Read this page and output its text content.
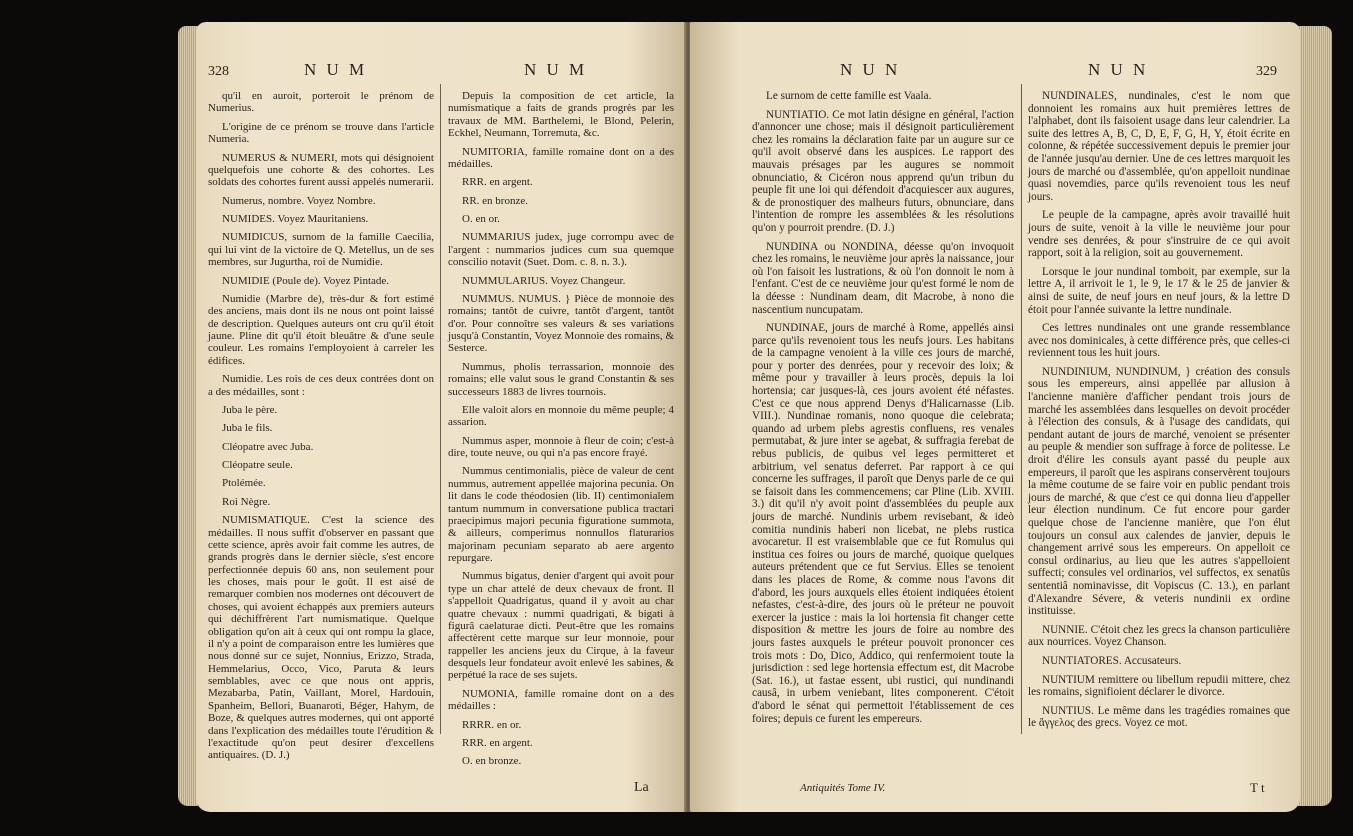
328	N U M	N U M

qu'il en auroit, porteroit le prénom de Numerius.

L'origine de ce prénom se trouve dans l'article Numeria.

NUMERUS & NUMERI, mots qui désignoient quelquefois une cohorte & des cohortes. Les soldats des cohortes furent aussi appelés numerarii.

Numerus, nombre. Voyez Nombre.

NUMIDES. Voyez Mauritaniens.

NUMIDICUS, surnom de la famille Caecilia, qui lui vint de la victoire de Q. Metellus, un de ses membres, sur Jugurtha, roi de Numidie.

NUMIDIE (Poule de). Voyez Pintade.

Numidie (Marbre de), très-dur & fort estimé des anciens, mais dont ils ne nous ont point laissé de description. Quelques auteurs ont cru qu'il étoit jaune. Pline dit qu'il étoit bleuâtre & d'une seule couleur. Les romains l'employoient à carreler les édifices.

Numidie. Les rois de ces deux contrées dont on a des médailles, sont :

Juba le père.

Juba le fils.

Cléopatre avec Juba.

Cléopatre seule.

Ptolémée.

Roi Nègre.

NUMISMATIQUE. C'est la science des médailles. Il nous suffit d'observer en passant que cette science, après avoir fait comme les autres, de grands progrès dans le dernier siècle, s'est encore perfectionnée depuis 60 ans, non seulement pour les choses, mais pour le goût. Il est aisé de remarquer combien nos modernes ont découvert de choses, qui avoient échappés aux premiers auteurs qui déchiffrèrent l'art numismatique. Quelque obligation qu'on ait à ceux qui ont rompu la glace, il n'y a point de comparaison entre les lumières que nous donné sur ce sujet, Nonnius, Erizzo, Strada, Hemmelarius, Occo, Vico, Paruta & leurs semblables, avec ce que nous ont appris, Mezabarba, Patin, Vaillant, Morel, Hardouin, Spanheim, Bellori, Buanaroti, Béger, Hahym, de Boze, & quelques autres modernes, qui ont apporté dans l'explication des médailles toute l'érudition & l'exactitude qu'on peut desirer d'excellens antiquaires. (D. J.)

Depuis la composition de cet article, la numismatique a faits de grands progrès par les travaux de MM. Barthelemi, le Blond, Pelerin, Eckhel, Neumann, Torremuta, &c.

NUMITORIA, famille romaine dont on a des médailles.

RRR. en argent.

RR. en bronze.

O. en or.

NUMMARIUS judex, juge corrompu avec de l'argent : nummarios judices cum sua quemque conscilio notavit (Suet. Dom. c. 8. n. 3.).

NUMMULARIUS. Voyez Changeur.

NUMMUS. NUMUS. } Pièce de monnoie des romains; tantôt de cuivre, tantôt d'argent, tantôt d'or. Pour connoître ses valeurs & ses variations jusqu'à Constantin, Voyez Monnoie des romains, & Sesterce.

Nummus, pholis terrassarion, monnoie des romains; elle valut sous le grand Constantin & ses successeurs 1883 de livres tournois.

Elle valoit alors en monnoie du même peuple; 4 assarion.

Nummus asper, monnoie à fleur de coin; c'est-à dire, toute neuve, ou qui n'a pas encore frayé.

Nummus centimonialis, pièce de valeur de cent nummus, autrement appellée majorina pecunia. On lit dans le code théodosien (lib. II) centimonialem tantum nummum in conversatione publica tractari praecipimus majori pecunia figuratione summota, & ailleurs, comperimus nonnullos flaturarios majorinam pecuniam separato ab aere argento repurgare.

Nummus bigatus, denier d'argent qui avoit pour type un char attelé de deux chevaux de front. Il s'appelloit Quadrigatus, quand il y avoit au char quatre chevaux : nummi quadrigati, & bigati à figurâ caelaturae dicti. Peut-être que les romains affectèrent cette marque sur leur monnoie, pour rappeller les anciens jeux du Cirque, à la faveur desquels leur fondateur avoit enlevé les sabines, & perpétué la race de ses sujets.

NUMONIA, famille romaine dont on a des médailles :

RRRR. en or.

RRR. en argent.

O. en bronze.

La
N U N	N U N	329

Le surnom de cette famille est Vaala.

NUNTIATIO. Ce mot latin désigne en général, l'action d'annoncer une chose; mais il désignoit particulièrement chez les romains la déclaration faite par un augure sur ce qu'il avoit observé dans les auspices. Le rapport des mauvais présages par les augures se nommoit obnunciatio, & Cicéron nous apprend qu'un tribun du peuple fit une loi qui défendoit d'acquiescer aux augures, & de pronostiquer des malheurs futurs, obnunciare, dans l'intention de rompre les assemblées & les résolutions qu'on y pourroit prendre. (D. J.)

NUNDINA ou NONDINA, déesse qu'on invoquoit chez les romains, le neuvième jour après la naissance, jour où l'on faisoit les lustrations, & où l'on donnoit le nom à l'enfant. C'est de ce neuvième jour qu'est formé le nom de la déesse : Nundinam deam, dit Macrobe, à nono die nascentium nuncupatam.

NUNDINAE, jours de marché à Rome, appellés ainsi parce qu'ils revenoient tous les neufs jours. Les habitans de la campagne venoient à la ville ces jours de marché, pour y porter des denrées, pour y recevoir des loix; & même pour y travailler à leurs procès, depuis la loi hortensia; car jusques-là, ces jours avoient été néfastes. C'est ce que nous apprend Denys d'Halicarnasse (Lib. VIII.). Nundinae romanis, nono quoque die celebrata; quando ad urbem plebs agrestis confluens, res venales permutabat, & jure inter se agebat, & suffragia ferebat de rebus publicis, de quibus vel leges permitteret et arbitrium, vel senatus deferret. Par rapport à ce qui concerne les suffrages, il paroît que Denys parle de ce qui se faisoit dans les commencemens; car Pline (Lib. XVIII. 3.) dit qu'il n'y avoit point d'assemblées du peuple aux jours de marché. Nundinis urbem revisebant, & ideò comitia nundinis haberi non licebat, ne plebs rustica avocaretur. Il est vraisemblable que ce fut Romulus qui institua ces foires ou jours de marché, quoique quelques auteurs prétendent que ce fut Servius. Elles se tenoient dans les places de Rome, & comme nous l'avons dit d'abord, les jours auxquels elles étoient indiquées étoient nefastes, c'est-à-dire, des jours où le préteur ne pouvoit exercer la justice : mais la loi hortensia fit changer cette disposition & mettre les jours de foire au nombre des jours fastes auxquels le préteur pouvoit prononcer ces trois mots : Do, Dico, Addico, qui renfermoient toute la jurisdiction : sed lege hortensia effectum est, dit Macrobe (Sat. 16.), ut fastae essent, ubi rustici, qui nundinandi causâ, in urbem veniebant, lites componerent. C'étoit d'abord le sénat qui permettoit l'établissement de ces foires; depuis ce furent les empereurs.

NUNDINALES, nundinales, c'est le nom que donnoient les romains aux huit premières lettres de l'alphabet, dont ils faisoient usage dans leur calendrier. La suite des lettres A, B, C, D, E, F, G, H, Y, étoit écrite en colonne, & répétée successivement depuis le premier jour de l'année jusqu'au dernier. Une de ces lettres marquoit les jours de marché ou d'assemblée, qu'on appelloit nundinae quasi novemdies, parce qu'ils revenoient tous les neuf jours.

Le peuple de la campagne, après avoir travaillé huit jours de suite, venoit à la ville le neuvième jour pour vendre ses denrées, & pour s'instruire de ce qui avoit rapport, soit à la religion, soit au gouvernement.

Lorsque le jour nundinal tomboit, par exemple, sur la lettre A, il arrivoit le 1, le 9, le 17 & le 25 de janvier & ainsi de suite, de neuf jours en neuf jours, & la lettre D étoit pour l'année suivante la lettre nundinale.

Ces lettres nundinales ont une grande ressemblance avec nos dominicales, à cette différence près, que celles-ci reviennent tous les huit jours.

NUNDINIUM, NUNDINUM, } création des consuls sous les empereurs, ainsi appellée par allusion à l'ancienne manière d'afficher pendant trois jours de marché les assemblées dans lesquelles on devoit procéder à l'élection des consuls, & à l'usage des candidats, qui pendant autant de jours de marché, venoient se présenter au peuple & mendier son suffrage à force de politesse. Le droit d'élire les consuls ayant passé du peuple aux empereurs, il paroît que les aspirans conservèrent toujours la même coutume de se faire voir en public pendant trois jours de marché, & que c'est ce qui donna lieu d'appeller leur élection nundinum. Ce fut encore pour garder quelque chose de l'ancienne manière, que l'on élut toujours un consul aux calendes de janvier, depuis le changement arrivé sous les empereurs. On appelloit ce consul ordinarius, au lieu que les autres s'appelloient suffecti; consules vel ordinarios, vel suffectos, ex senatûs sententiâ nominavisse, dit Vopiscus (C. 13.), en parlant d'Alexandre Sévere, & veteris nundinii ex ordine instituisse.

NUNNIE. C'étoit chez les grecs la chanson particulière aux nourrices. Voyez Chanson.

NUNTIATORES. Accusateurs.

NUNTIUM remittere ou libellum repudii mittere, chez les romains, signifioient déclarer le divorce.

NUNTIUS. Le même dans les tragédies romaines que le ἄγγελος des grecs. Voyez ce mot.

Antiquités Tome IV.	T t
